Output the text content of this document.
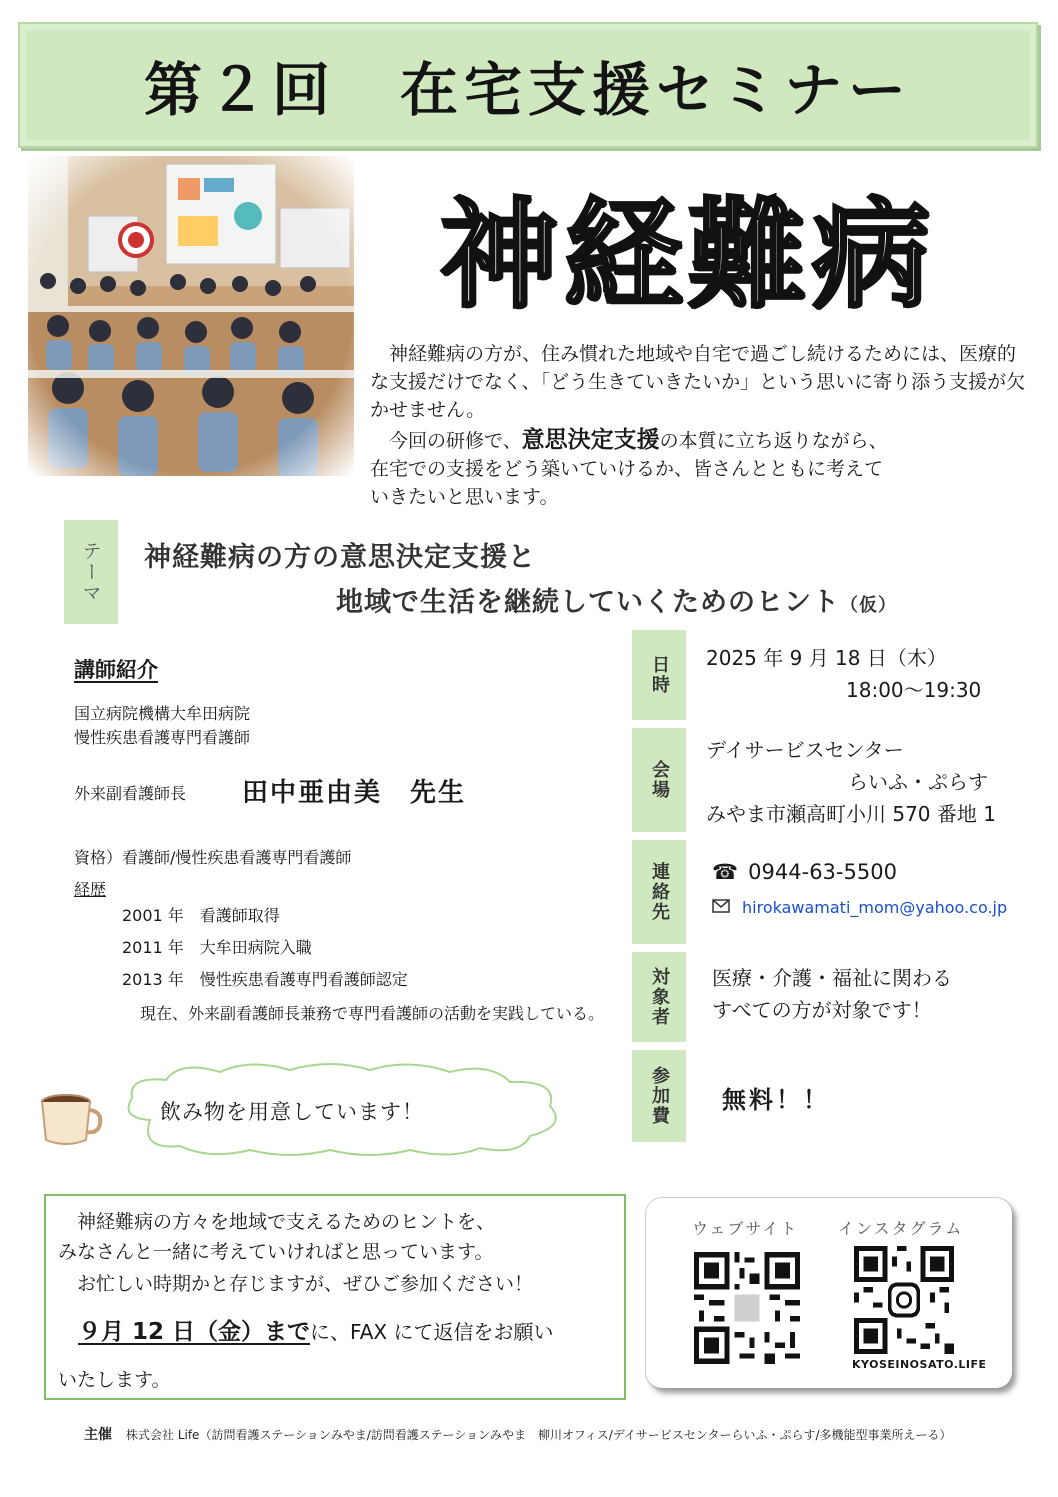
第２回　在宅支援セミナー
神経難病
　神経難病の方が、住み慣れた地域や自宅で過ごし続けるためには、医療的な支援だけでなく、「どう生きていきたいか」という思いに寄り添う支援が欠かせません。
　今回の研修で、意思決定支援の本質に立ち返りながら、
在宅での支援をどう築いていけるか、皆さんとともに考えて
いきたいと思います。
テーマ	神経難病の方の意思決定支援と
地域で生活を継続していくためのヒント（仮）
講師紹介
国立病院機構大牟田病院
慢性疾患看護専門看護師
外来副看護師長 田中亜由美　先生
資格）看護師/慢性疾患看護専門看護師
経歴
2001 年　看護師取得
2011 年　大牟田病院入職
2013 年　慢性疾患看護専門看護師認定
現在、外来副看護師長兼務で専門看護師の活動を実践している。
飲み物を用意しています！
日時
会場
連絡先
対象者
参加費
2025 年 9 月 18 日（木）
18:00～19:30
デイサービスセンター
らいふ・ぷらす
みやま市瀬高町小川 570 番地 1
☎ 0944-63-5500
hirokawamati_mom@yahoo.co.jp
医療・介護・福祉に関わる
すべての方が対象です！
無料！！
　神経難病の方々を地域で支えるためのヒントを、
みなさんと一緒に考えていければと思っています。
　お忙しい時期かと存じますが、ぜひご参加ください！
９月 12 日（金）までに、FAX にて返信をお願い
いたします。
ウェブサイト インスタグラム
KYOSEINOSATO.LIFE
主催 株式会社 Life（訪問看護ステーションみやま/訪問看護ステーションみやま　柳川オフィス/デイサービスセンターらいふ・ぷらす/多機能型事業所えーる）
